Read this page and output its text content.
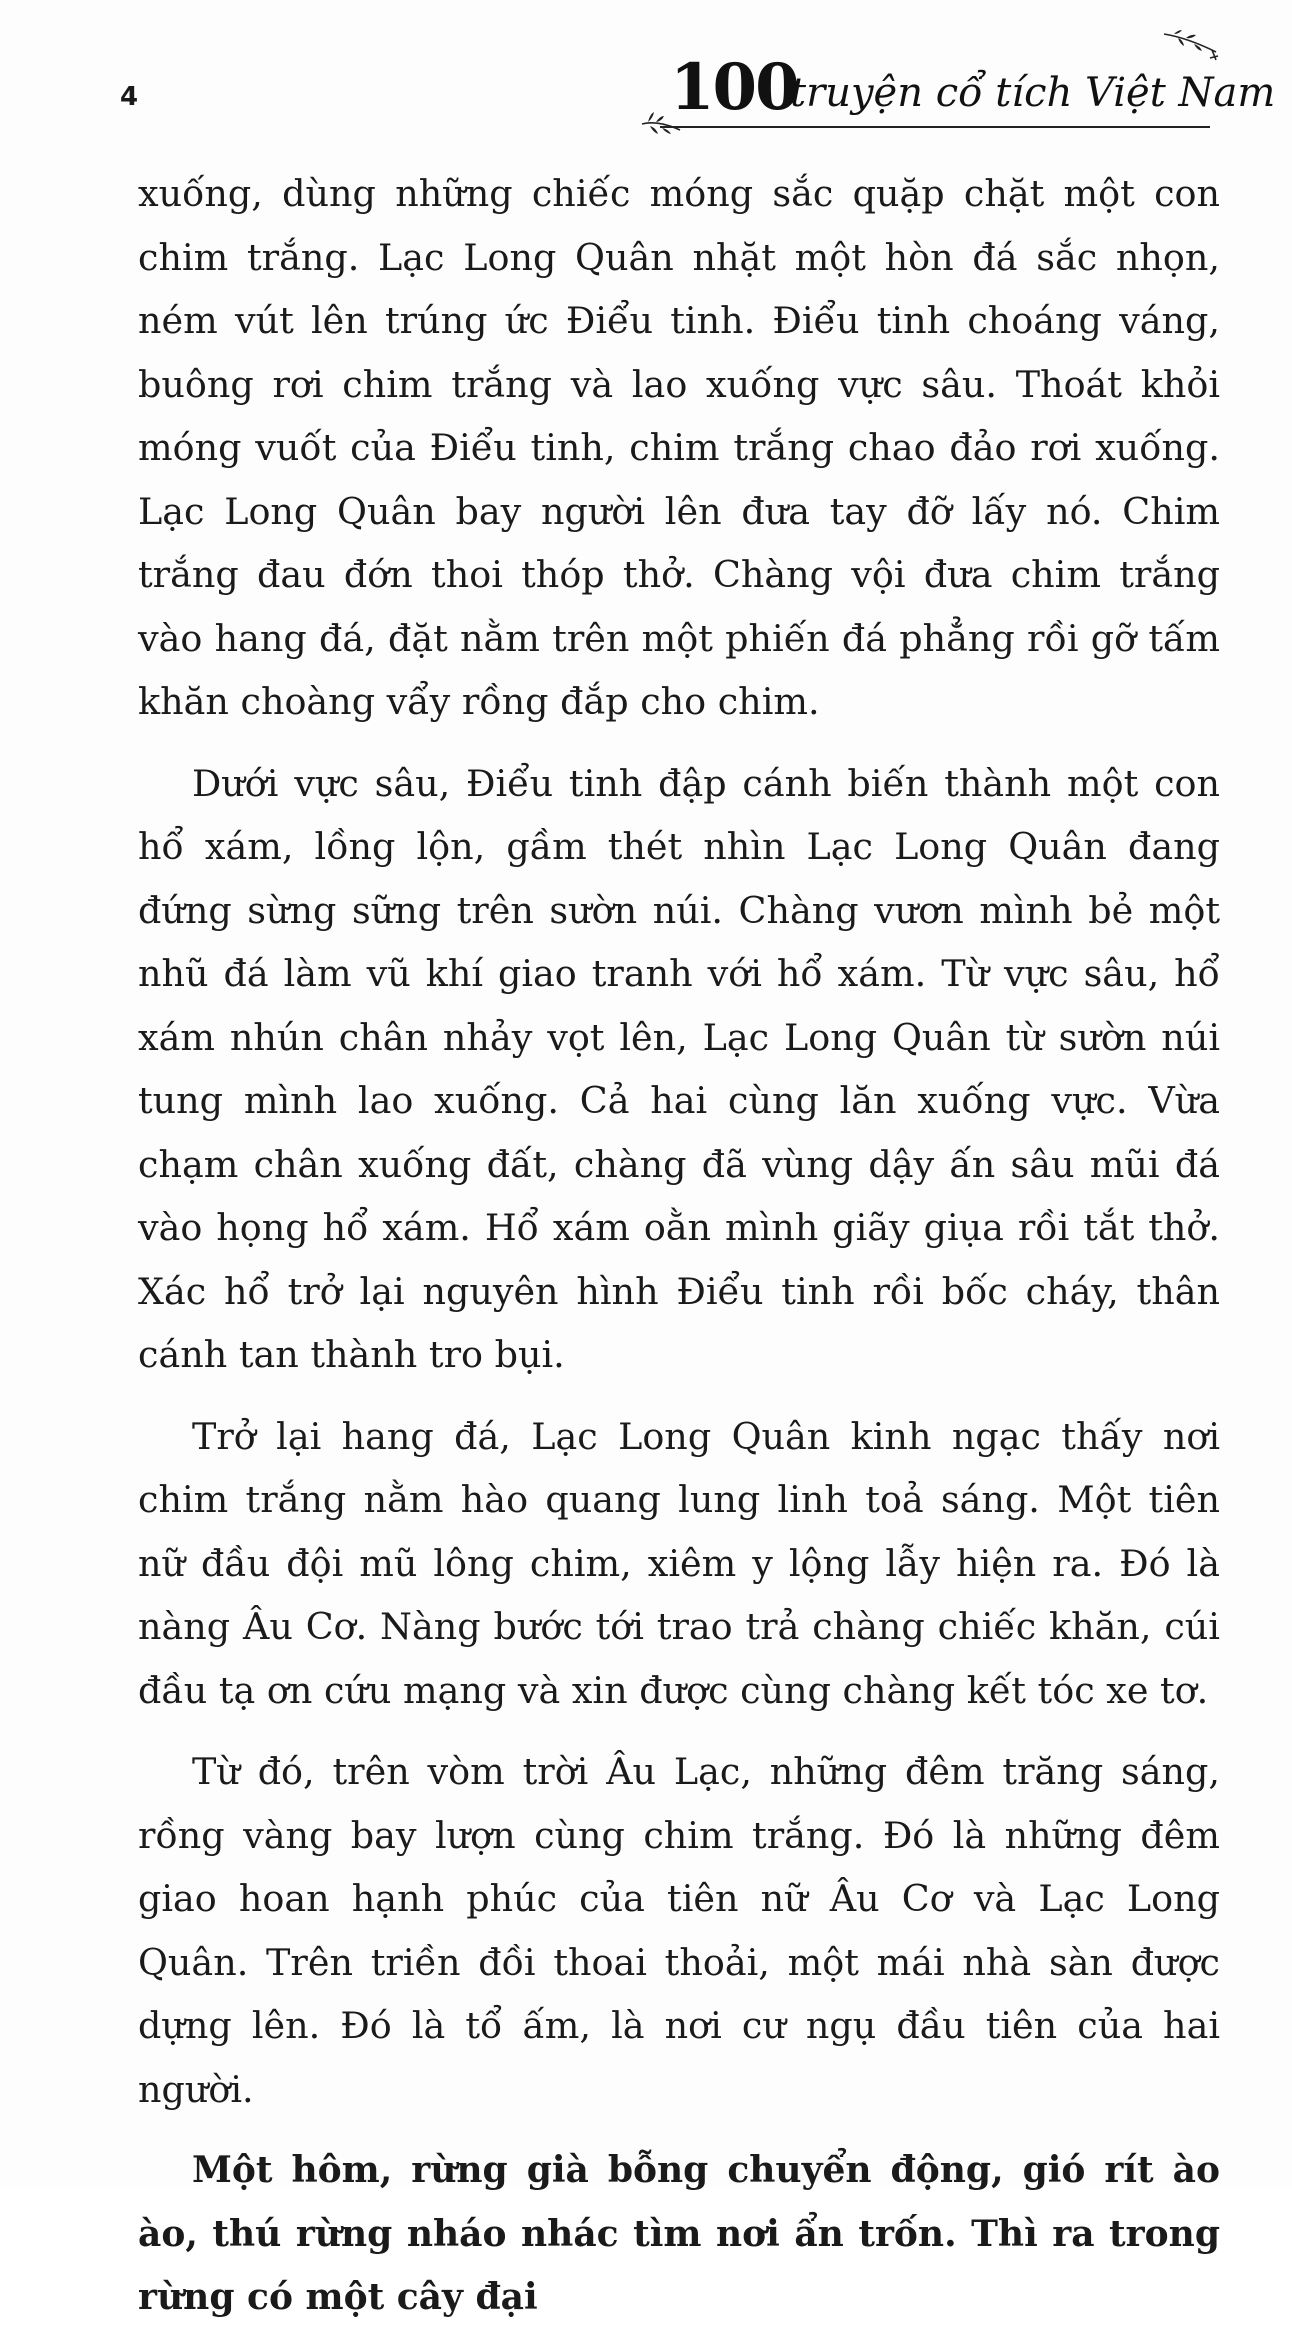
4	100
truyện cổ tích Việt Nam

xuống, dùng những chiếc móng sắc quặp chặt một con chim trắng. Lạc Long Quân nhặt một hòn đá sắc nhọn, ném vút lên trúng ức Điểu tinh. Điểu tinh choáng váng, buông rơi chim trắng và lao xuống vực sâu. Thoát khỏi móng vuốt của Điểu tinh, chim trắng chao đảo rơi xuống. Lạc Long Quân bay người lên đưa tay đỡ lấy nó. Chim trắng đau đớn thoi thóp thở. Chàng vội đưa chim trắng vào hang đá, đặt nằm trên một phiến đá phẳng rồi gỡ tấm khăn choàng vẩy rồng đắp cho chim.

Dưới vực sâu, Điểu tinh đập cánh biến thành một con hổ xám, lồng lộn, gầm thét nhìn Lạc Long Quân đang đứng sừng sững trên sườn núi. Chàng vươn mình bẻ một nhũ đá làm vũ khí giao tranh với hổ xám. Từ vực sâu, hổ xám nhún chân nhảy vọt lên, Lạc Long Quân từ sườn núi tung mình lao xuống. Cả hai cùng lăn xuống vực. Vừa chạm chân xuống đất, chàng đã vùng dậy ấn sâu mũi đá vào họng hổ xám. Hổ xám oằn mình giãy giụa rồi tắt thở. Xác hổ trở lại nguyên hình Điểu tinh rồi bốc cháy, thân cánh tan thành tro bụi.

Trở lại hang đá, Lạc Long Quân kinh ngạc thấy nơi chim trắng nằm hào quang lung linh toả sáng. Một tiên nữ đầu đội mũ lông chim, xiêm y lộng lẫy hiện ra. Đó là nàng Âu Cơ. Nàng bước tới trao trả chàng chiếc khăn, cúi đầu tạ ơn cứu mạng và xin được cùng chàng kết tóc xe tơ.

Từ đó, trên vòm trời Âu Lạc, những đêm trăng sáng, rồng vàng bay lượn cùng chim trắng. Đó là những đêm giao hoan hạnh phúc của tiên nữ Âu Cơ và Lạc Long Quân. Trên triền đồi thoai thoải, một mái nhà sàn được dựng lên. Đó là tổ ấm, là nơi cư ngụ đầu tiên của hai người.

Một hôm, rừng già bỗng chuyển động, gió rít ào ào, thú rừng nháo nhác tìm nơi ẩn trốn. Thì ra trong rừng có một cây đại
